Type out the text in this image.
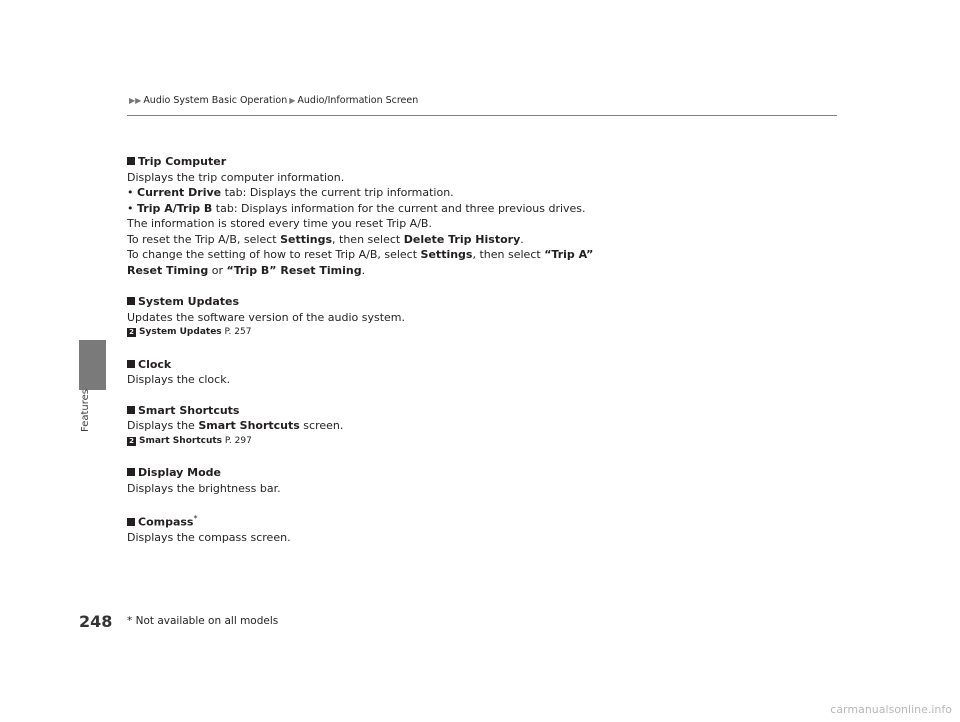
Features
▶▶ Audio System Basic Operation ▶ Audio/Information Screen

Trip Computer

Displays the trip computer information.

• Current Drive tab: Displays the current trip information.

• Trip A/Trip B tab: Displays information for the current and three previous drives.

The information is stored every time you reset Trip A/B.

To reset the Trip A/B, select Settings, then select Delete Trip History.

To change the setting of how to reset Trip A/B, select Settings, then select “Trip A”

Reset Timing or “Trip B” Reset Timing.

System Updates

Updates the software version of the audio system.

2 System Updates P. 257

Clock

Displays the clock.

Smart Shortcuts

Displays the Smart Shortcuts screen.

2 Smart Shortcuts P. 297

Display Mode

Displays the brightness bar.

Compass*

Displays the compass screen.

248 * Not available on all models
carmanualsonline.info
